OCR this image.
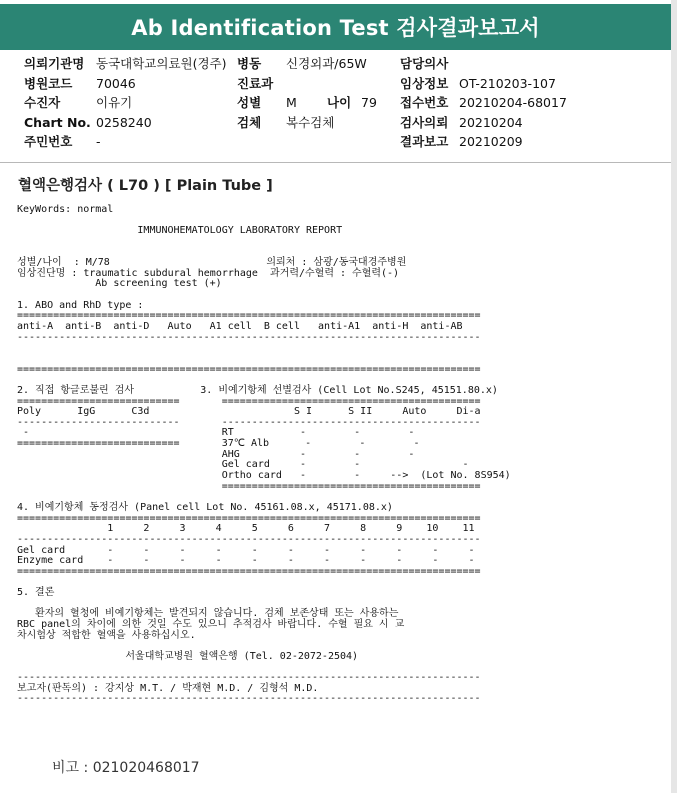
Ab Identification Test 검사결과보고서
의뢰기관명 동국대학교의료원(경주)
병원코드 70046
수진자	이유기
Chart No. 0258240
주민번호 -
병동 신경외과/65W
진료과
성별 M 나이 79
검체 복수검체
담당의사
임상정보 OT-210203-107
접수번호 20210204-68017
검사의뢰 20210204
결과보고 20210209
혈액은행검사 ( L70 ) [ Plain Tube ]
KeyWords: normal
IMMUNOHEMATOLOGY LABORATORY REPORT
성별/나이  : M/78                          의뢰처 : 삼광/동국대경주병원
임상진단명 : traumatic subdural hemorrhage  과거력/수혈력 : 수혈력(-)
Ab screening test (+)
1. ABO and RhD type :
=============================================================================
anti-A  anti-B  anti-D   Auto   A1 cell  B cell   anti-A1  anti-H  anti-AB
-----------------------------------------------------------------------------
=============================================================================
2. 직접 항글로불린 검사           3. 비예기항체 선별검사 (Cell Lot No.S245, 45151.80.x)
===========================       ===========================================
Poly      IgG      C3d                        S I      S II     Auto     Di-a
---------------------------       -------------------------------------------
-                                RT           -        -        -
===========================       37℃ Alb      -        -        -
AHG          -        -        -
Gel card     -        -                 -
Ortho card   -        -     -->  (Lot No. 8S954)
===========================================
4. 비예기항체 동정검사 (Panel cell Lot No. 45161.08.x, 45171.08.x)
=============================================================================
1     2     3     4     5     6     7     8     9    10    11
-----------------------------------------------------------------------------
Gel card       -     -     -     -     -     -     -     -     -     -     -
Enzyme card    -     -     -     -     -     -     -     -     -     -     -
=============================================================================
5. 결론
환자의 혈청에 비예기항체는 발견되지 않습니다. 검체 보존상태 또는 사용하는
RBC panel의 차이에 의한 것일 수도 있으니 추적검사 바랍니다. 수혈 필요 시 교
차시험상 적합한 혈액을 사용하십시오.
서울대학교병원 혈액은행 (Tel. 02-2072-2504)
-----------------------------------------------------------------------------
보고자(판독의) : 강지상 M.T. / 박재현 M.D. / 김형석 M.D.
-----------------------------------------------------------------------------
비고 : 021020468017
